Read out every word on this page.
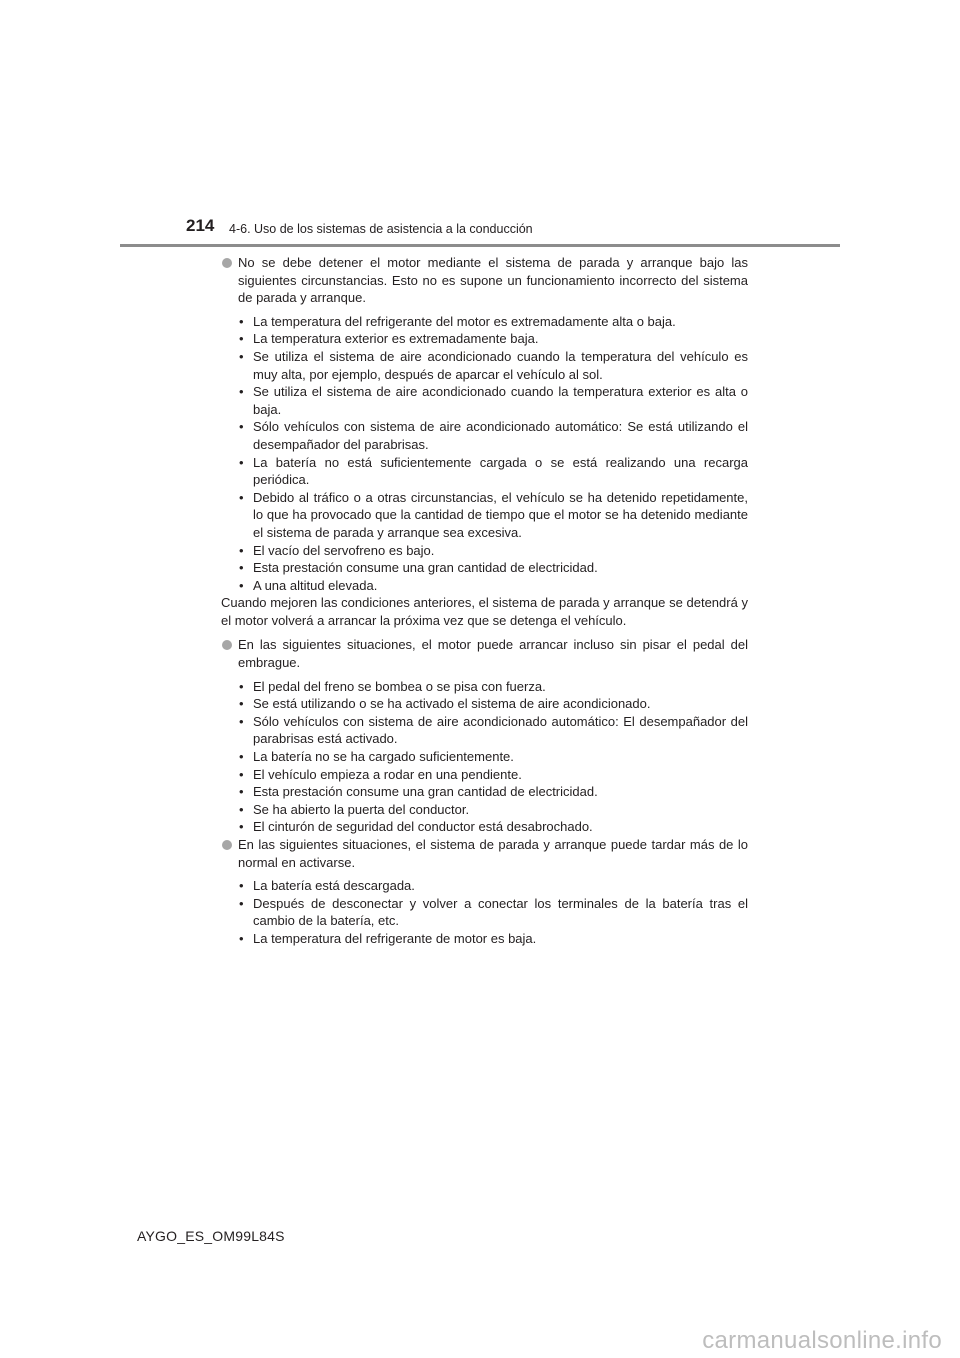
214 4-6. Uso de los sistemas de asistencia a la conducción
No se debe detener el motor mediante el sistema de parada y arranque bajo las siguientes circunstancias. Esto no es supone un funcionamiento incorrecto del sistema de parada y arranque.
• La temperatura del refrigerante del motor es extremadamente alta o baja.
• La temperatura exterior es extremadamente baja.
• Se utiliza el sistema de aire acondicionado cuando la temperatura del vehículo es muy alta, por ejemplo, después de aparcar el vehículo al sol.
• Se utiliza el sistema de aire acondicionado cuando la temperatura exterior es alta o baja.
• Sólo vehículos con sistema de aire acondicionado automático: Se está utilizando el desempañador del parabrisas.
• La batería no está suficientemente cargada o se está realizando una recarga periódica.
• Debido al tráfico o a otras circunstancias, el vehículo se ha detenido repetidamente, lo que ha provocado que la cantidad de tiempo que el motor se ha detenido mediante el sistema de parada y arranque sea excesiva.
• El vacío del servofreno es bajo.
• Esta prestación consume una gran cantidad de electricidad.
• A una altitud elevada.

Cuando mejoren las condiciones anteriores, el sistema de parada y arranque se detendrá y el motor volverá a arrancar la próxima vez que se detenga el vehículo.

En las siguientes situaciones, el motor puede arrancar incluso sin pisar el pedal del embrague.
• El pedal del freno se bombea o se pisa con fuerza.
• Se está utilizando o se ha activado el sistema de aire acondicionado.
• Sólo vehículos con sistema de aire acondicionado automático: El desempañador del parabrisas está activado.
• La batería no se ha cargado suficientemente.
• El vehículo empieza a rodar en una pendiente.
• Esta prestación consume una gran cantidad de electricidad.
• Se ha abierto la puerta del conductor.
• El cinturón de seguridad del conductor está desabrochado.
En las siguientes situaciones, el sistema de parada y arranque puede tardar más de lo normal en activarse.
• La batería está descargada.
• Después de desconectar y volver a conectar los terminales de la batería tras el cambio de la batería, etc.
• La temperatura del refrigerante de motor es baja.
AYGO_ES_OM99L84S
carmanualsonline.info
